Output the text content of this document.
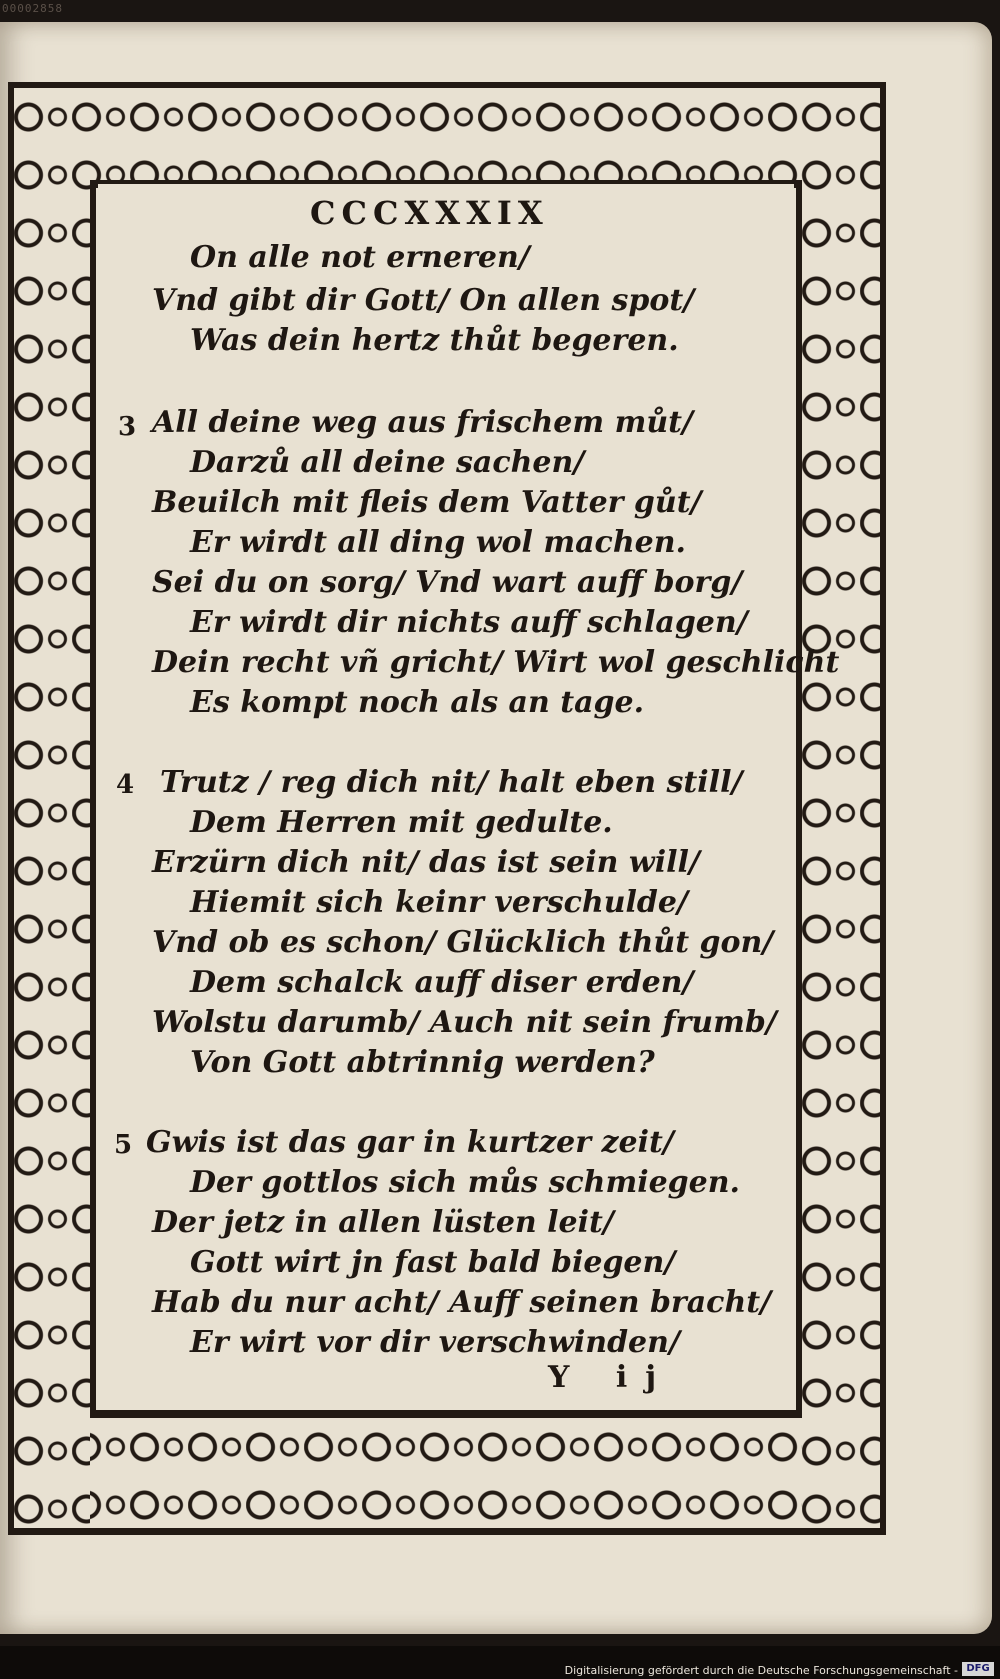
00002858
CCCXXXIX
On alle not erneren/
Vnd gibt dir Gott/ On allen spot/
Was dein hertz thůt begeren.
3 All deine weg aus frischem můt/
Darzů all deine sachen/
Beuilch mit fleis dem Vatter gůt/
Er wirdt all ding wol machen.
Sei du on sorg/ Vnd wart auff borg/
Er wirdt dir nichts auff schlagen/
Dein recht vñ gricht/ Wirt wol geschlicht
Es kompt noch als an tage.
4 Trutz / reg dich nit/ halt eben still/
Dem Herren mit gedulte.
Erzürn dich nit/ das ist sein will/
Hiemit sich keinr verschulde/
Vnd ob es schon/ Glücklich thůt gon/
Dem schalck auff diser erden/
Wolstu darumb/ Auch nit sein frumb/
Von Gott abtrinnig werden?
5 Gwis ist das gar in kurtzer zeit/
Der gottlos sich můs schmiegen.
Der jetz in allen lüsten leit/
Gott wirt jn fast bald biegen/
Hab du nur acht/ Auff seinen bracht/
Er wirt vor dir verschwinden/
Y ij
Digitalisierung gefördert durch die Deutsche Forschungsgemeinschaft - DFG
